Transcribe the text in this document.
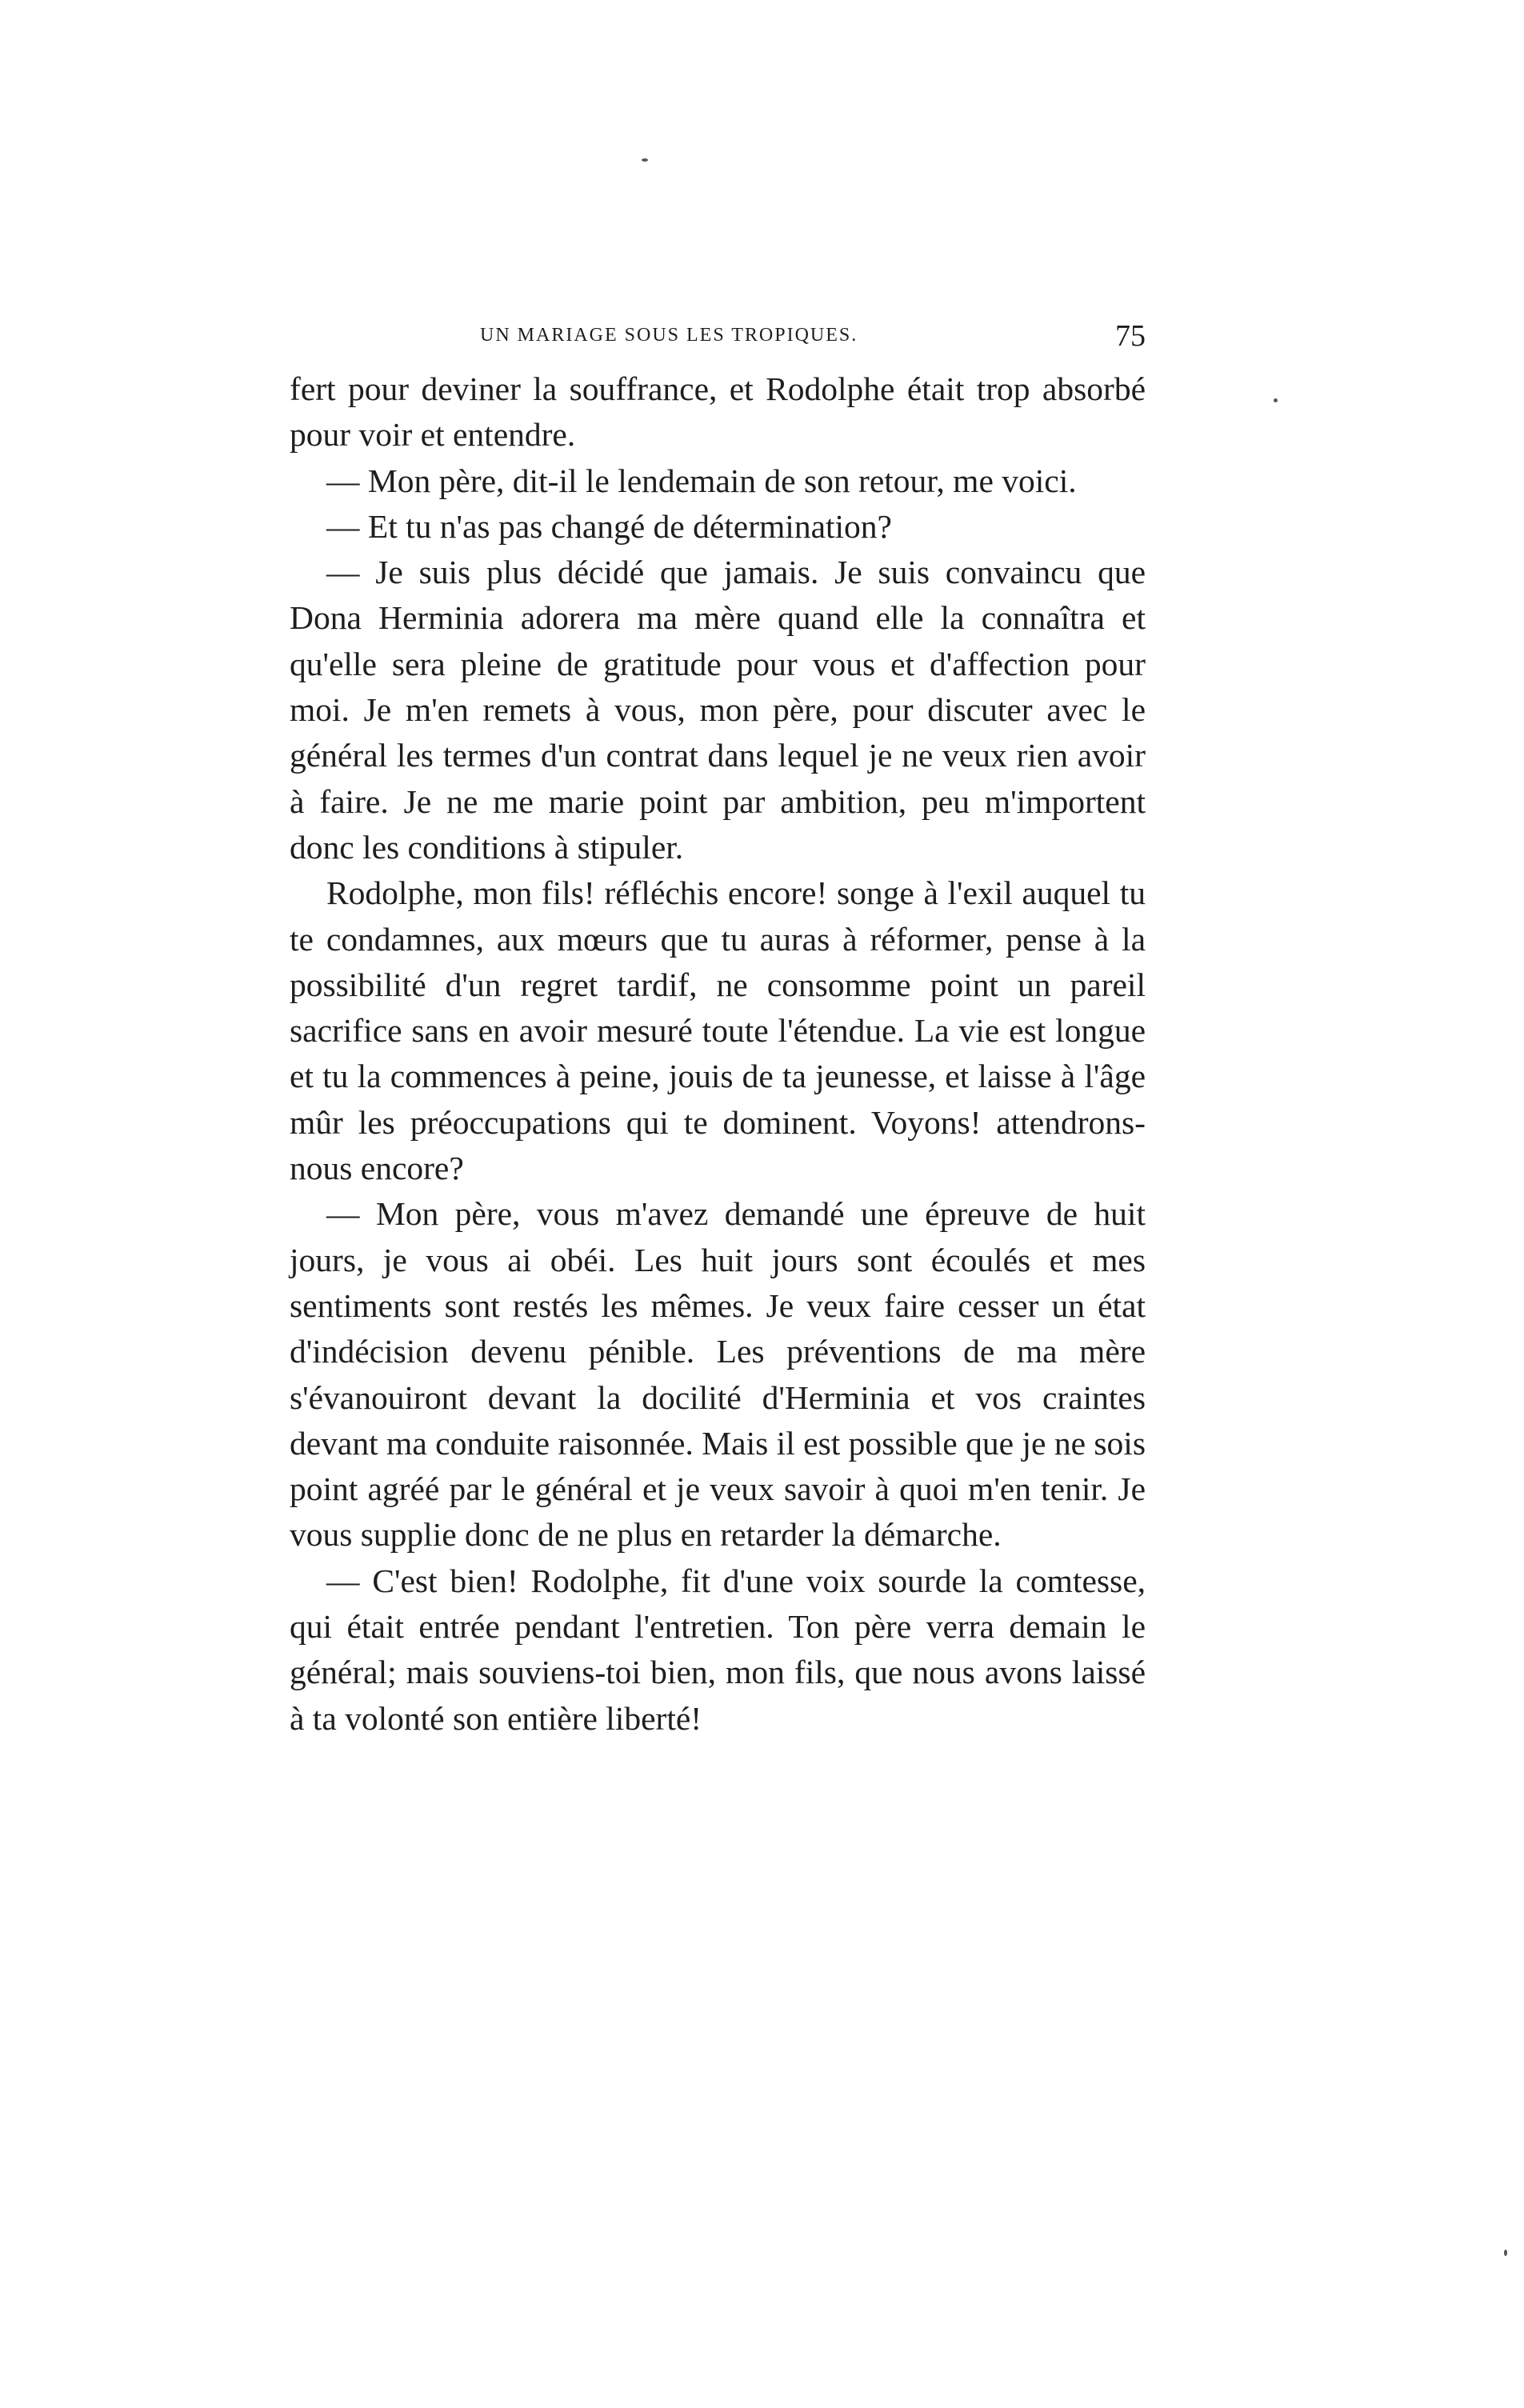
UN MARIAGE SOUS LES TROPIQUES.	75

fert pour deviner la souffrance, et Rodolphe était trop absorbé pour voir et entendre.

— Mon père, dit-il le lendemain de son retour, me voici.

— Et tu n'as pas changé de détermination?

— Je suis plus décidé que jamais. Je suis convaincu que Dona Herminia adorera ma mère quand elle la connaîtra et qu'elle sera pleine de gratitude pour vous et d'affection pour moi. Je m'en remets à vous, mon père, pour discuter avec le général les termes d'un contrat dans lequel je ne veux rien avoir à faire. Je ne me marie point par ambition, peu m'importent donc les conditions à stipuler.

Rodolphe, mon fils! réfléchis encore! songe à l'exil auquel tu te condamnes, aux mœurs que tu auras à réformer, pense à la possibilité d'un regret tardif, ne consomme point un pareil sacrifice sans en avoir mesuré toute l'étendue. La vie est longue et tu la commences à peine, jouis de ta jeunesse, et laisse à l'âge mûr les préoccupations qui te dominent. Voyons! attendrons-nous encore?

— Mon père, vous m'avez demandé une épreuve de huit jours, je vous ai obéi. Les huit jours sont écoulés et mes sentiments sont restés les mêmes. Je veux faire cesser un état d'indécision devenu pénible. Les préventions de ma mère s'évanouiront devant la docilité d'Herminia et vos craintes devant ma conduite raisonnée. Mais il est possible que je ne sois point agréé par le général et je veux savoir à quoi m'en tenir. Je vous supplie donc de ne plus en retarder la démarche.

— C'est bien! Rodolphe, fit d'une voix sourde la comtesse, qui était entrée pendant l'entretien. Ton père verra demain le général; mais souviens-toi bien, mon fils, que nous avons laissé à ta volonté son entière liberté!
